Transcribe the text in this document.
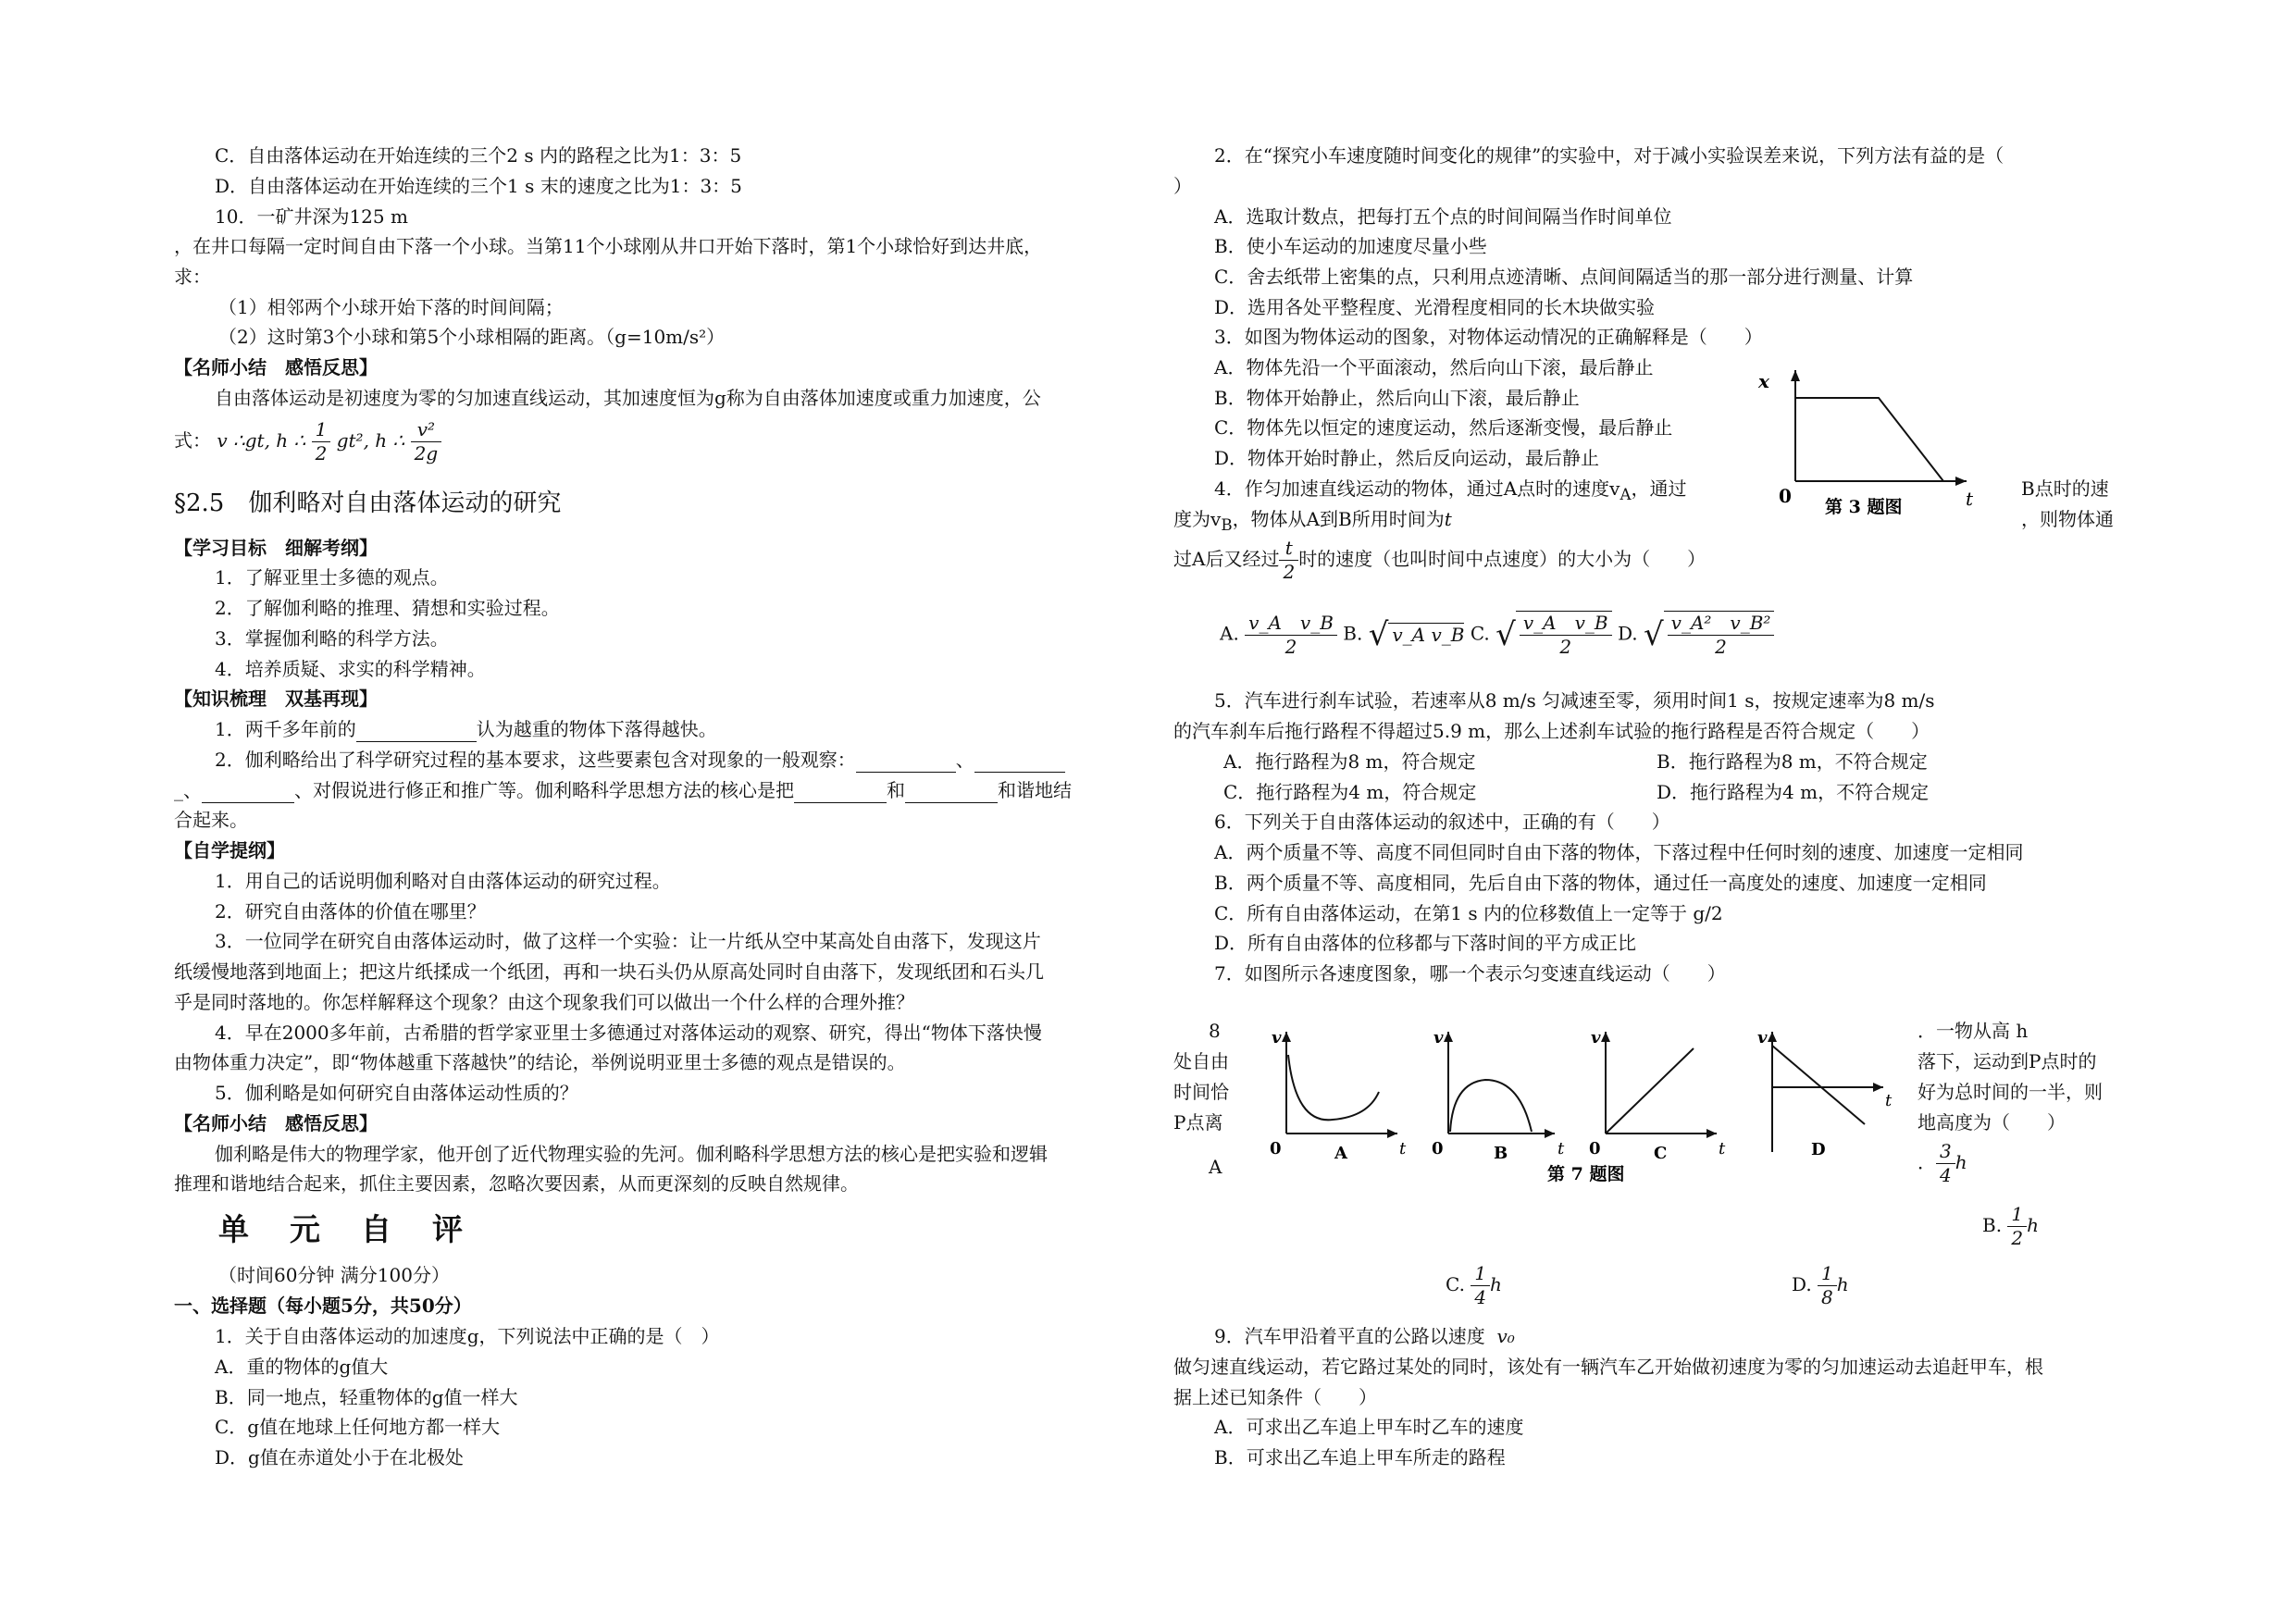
C．自由落体运动在开始连续的三个2 s 内的路程之比为1：3：5
D．自由落体运动在开始连续的三个1 s 末的速度之比为1：3：5
10．一矿井深为125 m
，在井口每隔一定时间自由下落一个小球。当第11个小球刚从井口开始下落时，第1个小球恰好到达井底，
求：
（1）相邻两个小球开始下落的时间间隔；
（2）这时第3个小球和第5个小球相隔的距离。（g=10m/s²）
【名师小结　感悟反思】
自由落体运动是初速度为零的匀加速直线运动，其加速度恒为g称为自由落体加速度或重力加速度，公
式： v ∴gt, h ∴ $\frac{1}{2} gt^2$, h ∴ $\frac{\text{v²}}{2g}$
§2.5　伽利略对自由落体运动的研究
【学习目标　细解考纲】
1．了解亚里士多德的观点。
2．了解伽利略的推理、猜想和实验过程。
3．掌握伽利略的科学方法。
4．培养质疑、求实的科学精神。
【知识梳理　双基再现】
1．两千多年前的	认为越重的物体下落得越快。
2．伽利略给出了科学研究过程的基本要求，这些要素包含对现象的一般观察：	、
_、	、对假说进行修正和推广等。伽利略科学思想方法的核心是把	和	和谐地结
合起来。
【自学提纲】
1．用自己的话说明伽利略对自由落体运动的研究过程。
2．研究自由落体的价值在哪里？
3．一位同学在研究自由落体运动时，做了这样一个实验：让一片纸从空中某高处自由落下，发现这片
纸缓慢地落到地面上；把这片纸揉成一个纸团，再和一块石头仍从原高处同时自由落下，发现纸团和石头几
乎是同时落地的。你怎样解释这个现象？由这个现象我们可以做出一个什么样的合理外推？
4．早在2000多年前，古希腊的哲学家亚里士多德通过对落体运动的观察、研究，得出“物体下落快慢
由物体重力决定”，即“物体越重下落越快”的结论，举例说明亚里士多德的观点是错误的。
5．伽利略是如何研究自由落体运动性质的？
【名师小结　感悟反思】
伽利略是伟大的物理学家，他开创了近代物理实验的先河。伽利略科学思想方法的核心是把实验和逻辑
推理和谐地结合起来，抓住主要因素，忽略次要因素，从而更深刻的反映自然规律。
单元自评
（时间60分钟 满分100分）
一、选择题（每小题5分，共50分）
1．关于自由落体运动的加速度g，下列说法中正确的是（　）
A．重的物体的g值大
B．同一地点，轻重物体的g值一样大
C．g值在地球上任何地方都一样大
D．g值在赤道处小于在北极处
2．在“探究小车速度随时间变化的规律”的实验中，对于减小实验误差来说，下列方法有益的是（
）
A．选取计数点，把每打五个点的时间间隔当作时间单位
B．使小车运动的加速度尽量小些
C．舍去纸带上密集的点，只利用点迹清晰、点间间隔适当的那一部分进行测量、计算
D．选用各处平整程度、光滑程度相同的长木块做实验
3．如图为物体运动的图象，对物体运动情况的正确解释是（　　）
A．物体先沿一个平面滚动，然后向山下滚，最后静止
B．物体开始静止，然后向山下滚，最后静止
C．物体先以恒定的速度运动，然后逐渐变慢，最后静止
D．物体开始时静止，然后反向运动，最后静止
x
0	t
第 3 题图
4．作匀加速直线运动的物体，通过A点时的速度$v_A$，通过	B点时的速
度为$v_B$，物体从A到B所用时间为t	，则物体通
过A后又经过 $\frac{t}{2}$ 时的速度（也叫时间中点速度）的大小为（　　）
A. $\frac{\text{v\_A　v\_B}}{2} B$. √ v_A v_B C. √ $\frac{\text{v\_A　v\_B}}{2} D$. √ $\frac{\text{v\_A²　v\_B²}}{2}$
5．汽车进行刹车试验，若速率从8 m/s 匀减速至零，须用时间1 s，按规定速率为8 m/s
的汽车刹车后拖行路程不得超过5.9 m，那么上述刹车试验的拖行路程是否符合规定（　　）
A．拖行路程为8 m，符合规定	B．拖行路程为8 m，不符合规定
C．拖行路程为4 m，符合规定	D．拖行路程为4 m，不符合规定
6．下列关于自由落体运动的叙述中，正确的有（　　）
A．两个质量不等、高度不同但同时自由下落的物体，下落过程中任何时刻的速度、加速度一定相同
B．两个质量不等、高度相同，先后自由下落的物体，通过任一高度处的速度、加速度一定相同
C．所有自由落体运动，在第1 s 内的位移数值上一定等于 g/2
D．所有自由落体的位移都与下落时间的平方成正比
7．如图所示各速度图象，哪一个表示匀变速直线运动（　　）
8
处自由
时间恰
P点离
A
v
0	t
A
v
0	t
B
v
0	t
C
v
t
D
第 7 题图
．一物从高 h
落下，运动到P点时的
好为总时间的一半，则
地高度为（　　）
． $\frac{3}{4}$ h
B. $\frac{1}{2}$ h
C. $\frac{1}{4}$ h	D. $\frac{1}{8}$ h
9．汽车甲沿着平直的公路以速度 v₀
做匀速直线运动，若它路过某处的同时，该处有一辆汽车乙开始做初速度为零的匀加速运动去追赶甲车，根
据上述已知条件（　　）
A．可求出乙车追上甲车时乙车的速度
B．可求出乙车追上甲车所走的路程
